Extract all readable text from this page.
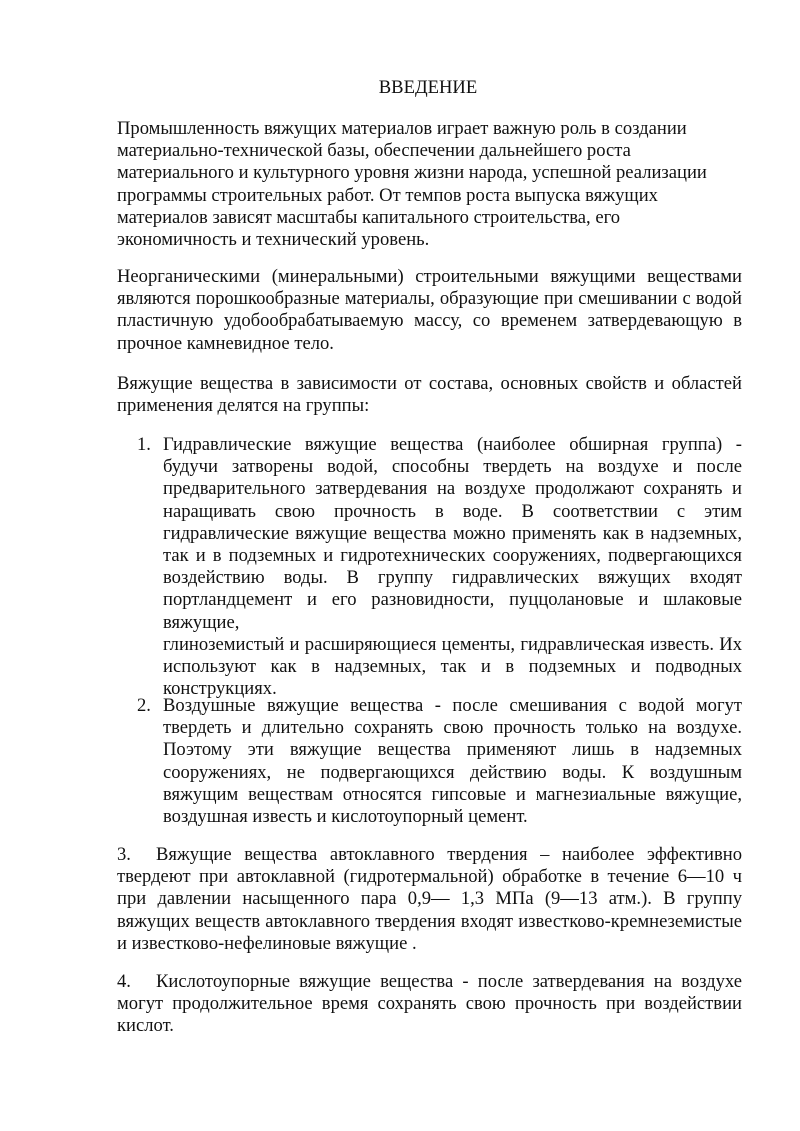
ВВЕДЕНИЕ

Промышленность вяжущих материалов играет важную роль в создании материально-технической базы, обеспечении дальнейшего роста материального и культурного уровня жизни народа, успешной реализации программы строительных работ. От темпов роста выпуска вяжущих материалов зависят масштабы капитального строительства, его экономичность и технический уровень.

Неорганическими (минеральными) строительными вяжущими веществами являются порошкообразные материалы, образующие при смешивании с водой пластичную удобообрабатываемую массу, со временем затвердевающую в прочное камневидное тело.

Вяжущие вещества в зависимости от состава, основных свойств и областей применения делятся на группы:

1. Гидравлические вяжущие вещества (наиболее обширная группа) - будучи затворены водой, способны твердеть на воздухе и после предварительного затвердевания на воздухе продолжают сохранять и наращивать свою прочность в воде. В соответствии с этим гидравлические вяжущие вещества можно применять как в надземных, так и в подземных и гидротехнических сооружениях, подвергающихся воздействию воды. В группу гидравлических вяжущих входят портландцемент и его разновидности, пуццолановые и шлаковые вяжущие,
глиноземистый и расширяющиеся цементы, гидравлическая известь. Их используют как в надземных, так и в подземных и подводных конструкциях.
2. Воздушные вяжущие вещества - после смешивания с водой могут твердеть и длительно сохранять свою прочность только на воздухе. Поэтому эти вяжущие вещества применяют лишь в надземных сооружениях, не подвергающихся действию воды. К воздушным вяжущим веществам относятся гипсовые и магнезиальные вяжущие, воздушная известь и кислотоупорный цемент.

3. Вяжущие вещества автоклавного твердения – наиболее эффективно твердеют при автоклавной (гидротермальной) обработке в течение 6—10 ч при давлении насыщенного пара 0,9— 1,3 МПа (9—13 атм.). В группу вяжущих веществ автоклавного твердения входят известково-кремнеземистые и известково-нефелиновые вяжущие .

4. Кислотоупорные вяжущие вещества - после затвердевания на воздухе могут продолжительное время сохранять свою прочность при воздействии кислот.
